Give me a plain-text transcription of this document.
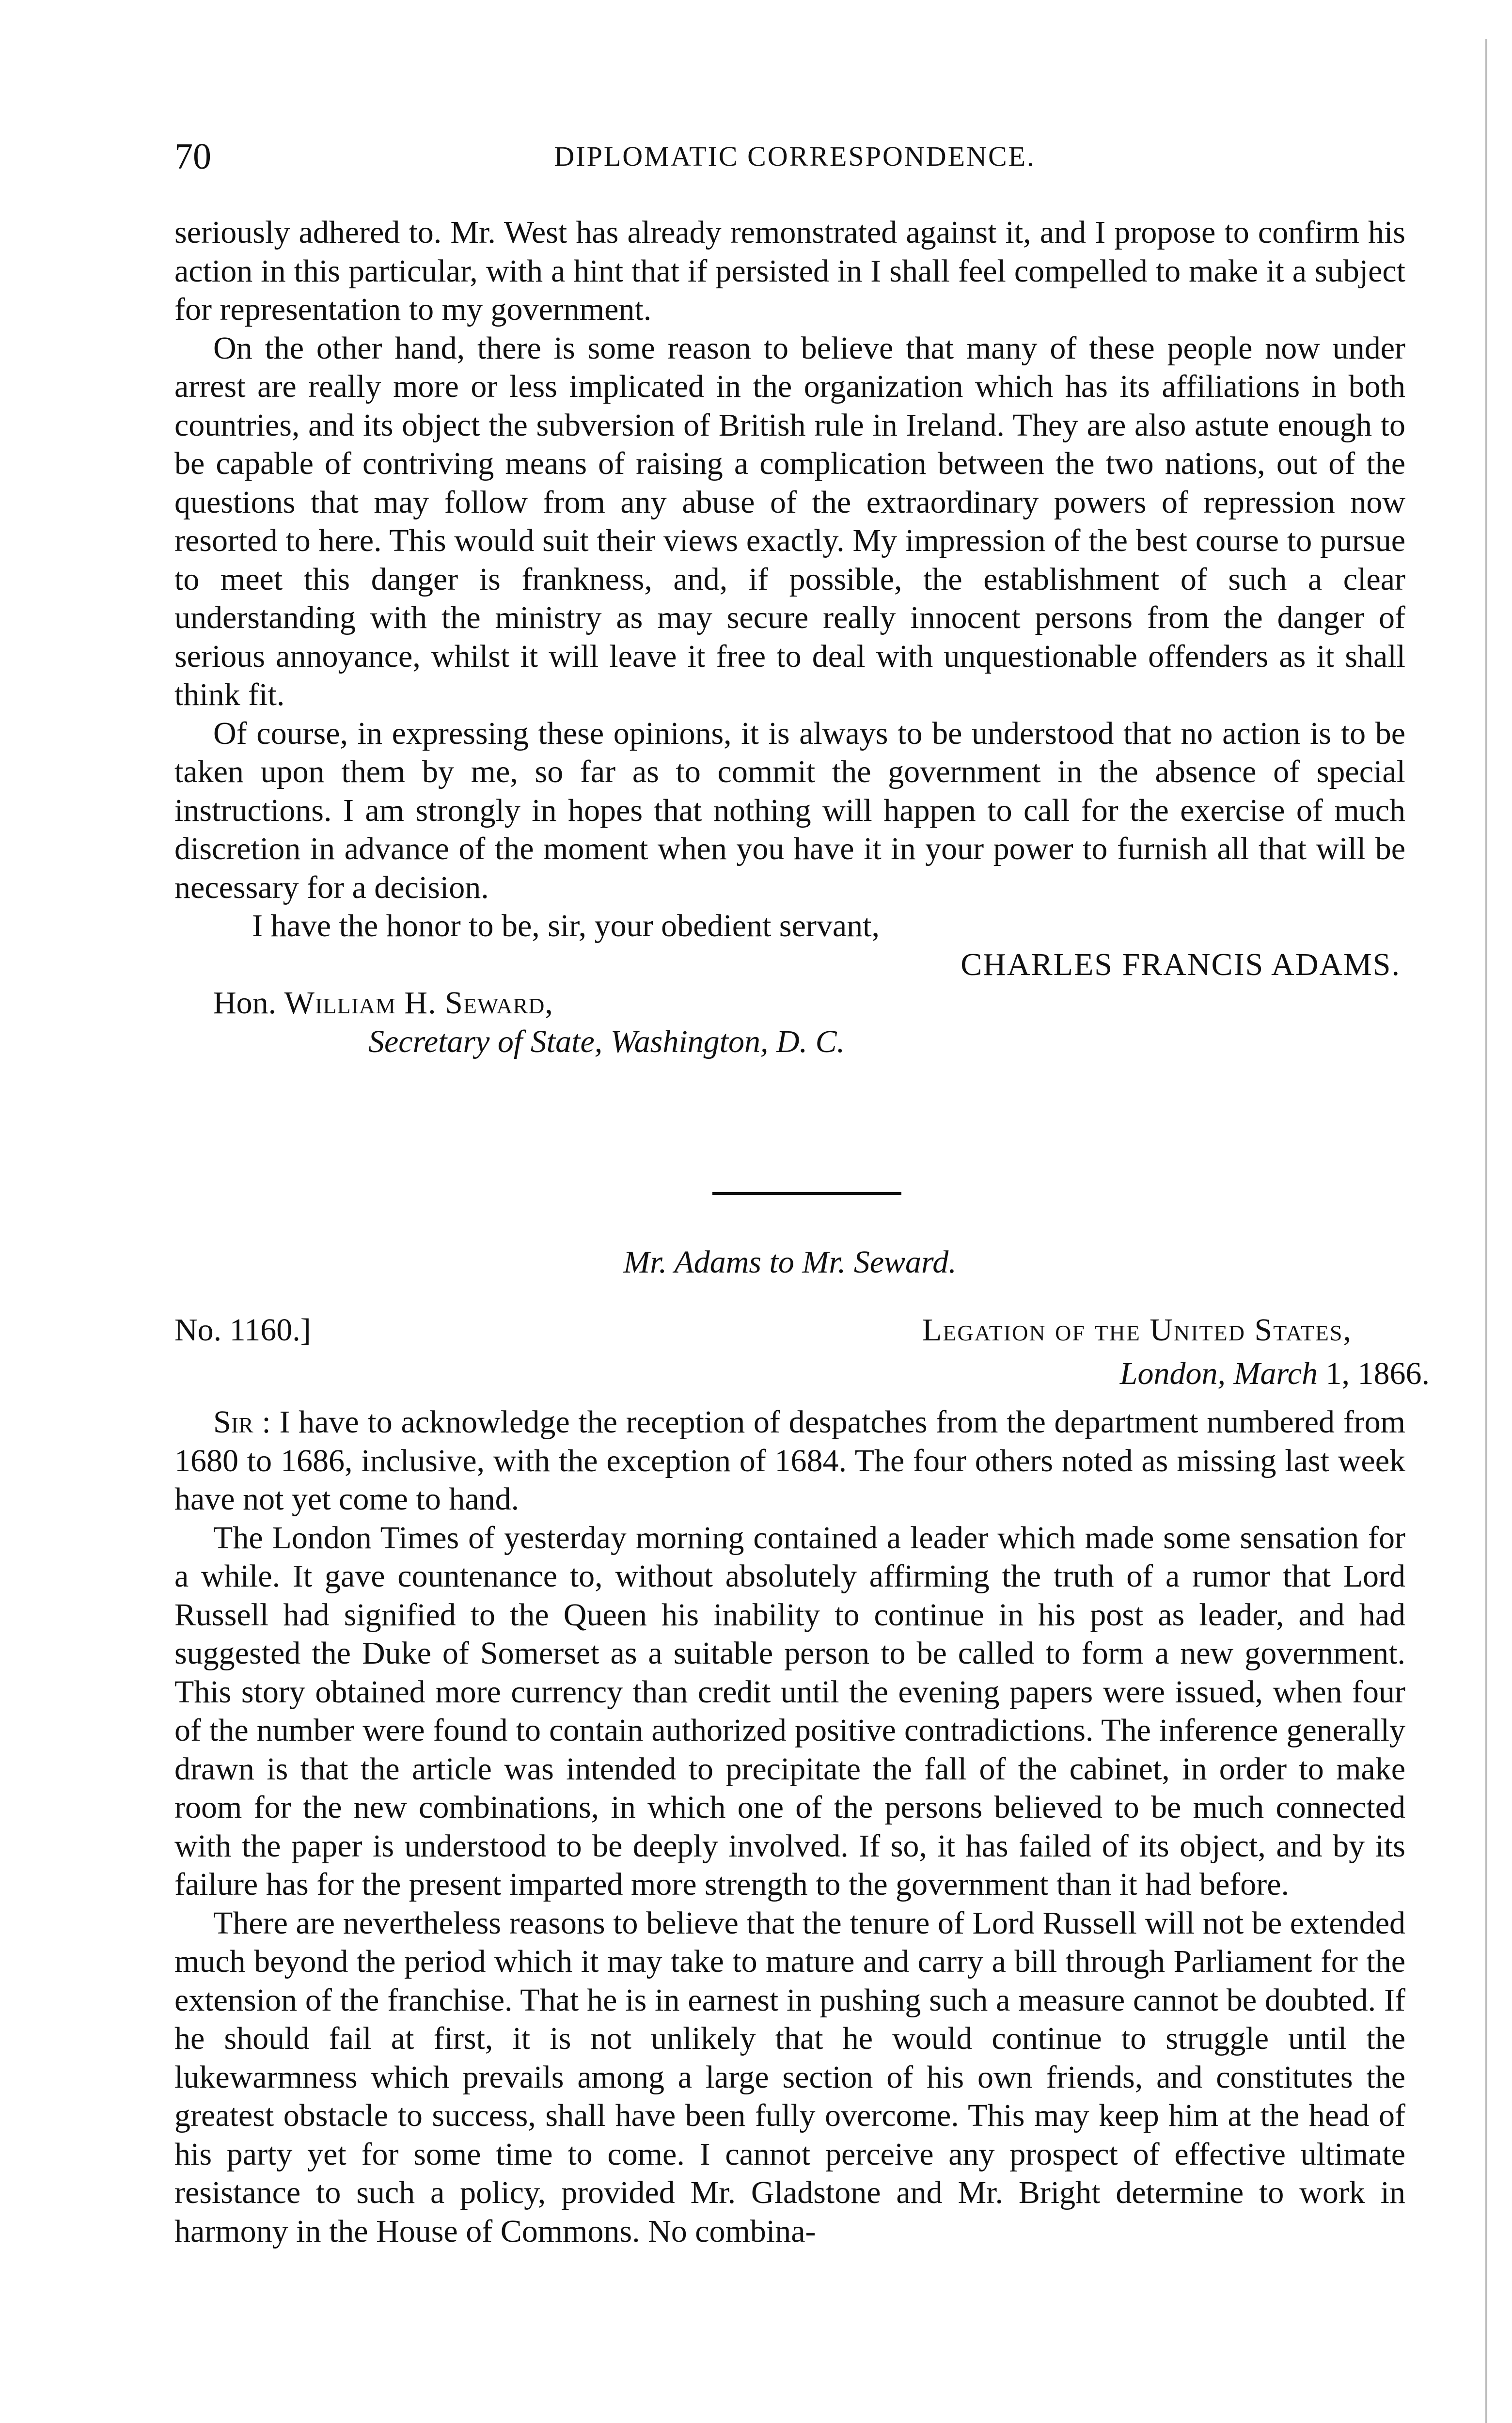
70	DIPLOMATIC CORRESPONDENCE.

seriously adhered to. Mr. West has already remonstrated against it, and I propose to confirm his action in this particular, with a hint that if persisted in I shall feel compelled to make it a subject for representation to my government.

On the other hand, there is some reason to believe that many of these people now under arrest are really more or less implicated in the organization which has its affiliations in both countries, and its object the subversion of British rule in Ireland. They are also astute enough to be capable of contriving means of raising a complication between the two nations, out of the questions that may follow from any abuse of the extraordinary powers of repression now resorted to here. This would suit their views exactly. My impression of the best course to pursue to meet this danger is frankness, and, if possible, the establishment of such a clear understanding with the ministry as may secure really innocent persons from the danger of serious annoyance, whilst it will leave it free to deal with unquestionable offenders as it shall think fit.

Of course, in expressing these opinions, it is always to be understood that no action is to be taken upon them by me, so far as to commit the government in the absence of special instructions. I am strongly in hopes that nothing will happen to call for the exercise of much discretion in advance of the moment when you have it in your power to furnish all that will be necessary for a decision.

I have the honor to be, sir, your obedient servant,

CHARLES FRANCIS ADAMS.

Hon. William H. Seward,

Secretary of State, Washington, D. C.

Mr. Adams to Mr. Seward.
No. 1160.]	Legation of the United States,
London, March 1, 1866.

Sir : I have to acknowledge the reception of despatches from the department numbered from 1680 to 1686, inclusive, with the exception of 1684. The four others noted as missing last week have not yet come to hand.

The London Times of yesterday morning contained a leader which made some sensation for a while. It gave countenance to, without absolutely affirming the truth of a rumor that Lord Russell had signified to the Queen his inability to continue in his post as leader, and had suggested the Duke of Somerset as a suitable person to be called to form a new government. This story obtained more currency than credit until the evening papers were issued, when four of the number were found to contain authorized positive contradictions. The inference generally drawn is that the article was intended to precipitate the fall of the cabinet, in order to make room for the new combinations, in which one of the persons believed to be much connected with the paper is understood to be deeply involved. If so, it has failed of its object, and by its failure has for the present imparted more strength to the government than it had before.

There are nevertheless reasons to believe that the tenure of Lord Russell will not be extended much beyond the period which it may take to mature and carry a bill through Parliament for the extension of the franchise. That he is in earnest in pushing such a measure cannot be doubted. If he should fail at first, it is not unlikely that he would continue to struggle until the lukewarmness which prevails among a large section of his own friends, and constitutes the greatest obstacle to success, shall have been fully overcome. This may keep him at the head of his party yet for some time to come. I cannot perceive any prospect of effective ultimate resistance to such a policy, provided Mr. Gladstone and Mr. Bright determine to work in harmony in the House of Commons. No combina-
